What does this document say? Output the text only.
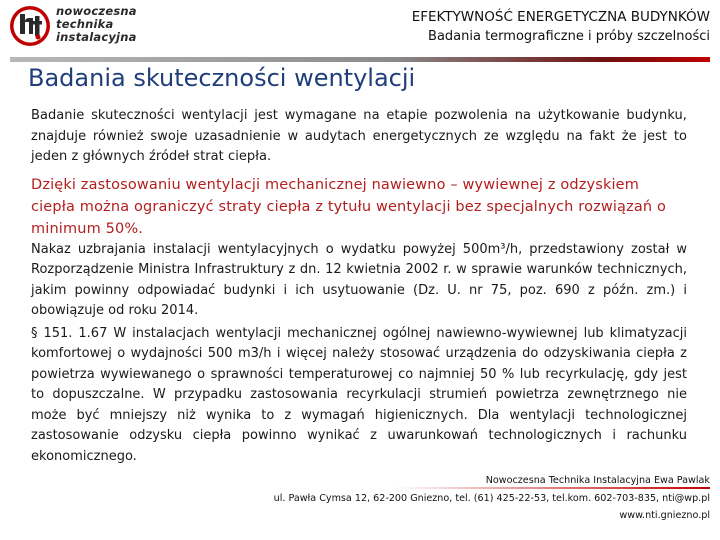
nowoczesna
technika
instalacyjna
EFEKTYWNOŚĆ ENERGETYCZNA BUDYNKÓW
Badania termograficzne i próby szczelności
Badania skuteczności wentylacji

Badanie skuteczności wentylacji jest wymagane na etapie pozwolenia na użytkowanie budynku, znajduje również swoje uzasadnienie w audytach energetycznych ze względu na fakt że jest to jeden z głównych źródeł strat ciepła.

Dzięki zastosowaniu wentylacji mechanicznej nawiewno – wywiewnej z odzyskiem ciepła można ograniczyć straty ciepła z tytułu wentylacji bez specjalnych rozwiązań o minimum 50%.

Nakaz uzbrajania instalacji wentylacyjnych o wydatku powyżej 500m³/h, przedstawiony został w Rozporządzenie Ministra Infrastruktury z dn. 12 kwietnia 2002 r. w sprawie warunków technicznych, jakim powinny odpowiadać budynki i ich usytuowanie (Dz. U. nr 75, poz. 690 z późn. zm.) i obowiązuje od roku 2014.

§ 151. 1.67 W instalacjach wentylacji mechanicznej ogólnej nawiewno-wywiewnej lub klimatyzacji komfortowej o wydajności 500 m3/h i więcej należy stosować urządzenia do odzyskiwania ciepła z powietrza wywiewanego o sprawności temperaturowej co najmniej 50 % lub recyrkulację, gdy jest to dopuszczalne. W przypadku zastosowania recyrkulacji strumień powietrza zewnętrznego nie może być mniejszy niż wynika to z wymagań higienicznych. Dla wentylacji technologicznej zastosowanie odzysku ciepła powinno wynikać z uwarunkowań technologicznych i rachunku ekonomicznego.

Nowoczesna Technika Instalacyjna Ewa Pawlak
ul. Pawła Cymsa 12, 62-200 Gniezno, tel. (61) 425-22-53, tel.kom. 602-703-835, nti@wp.pl
www.nti.gniezno.pl
